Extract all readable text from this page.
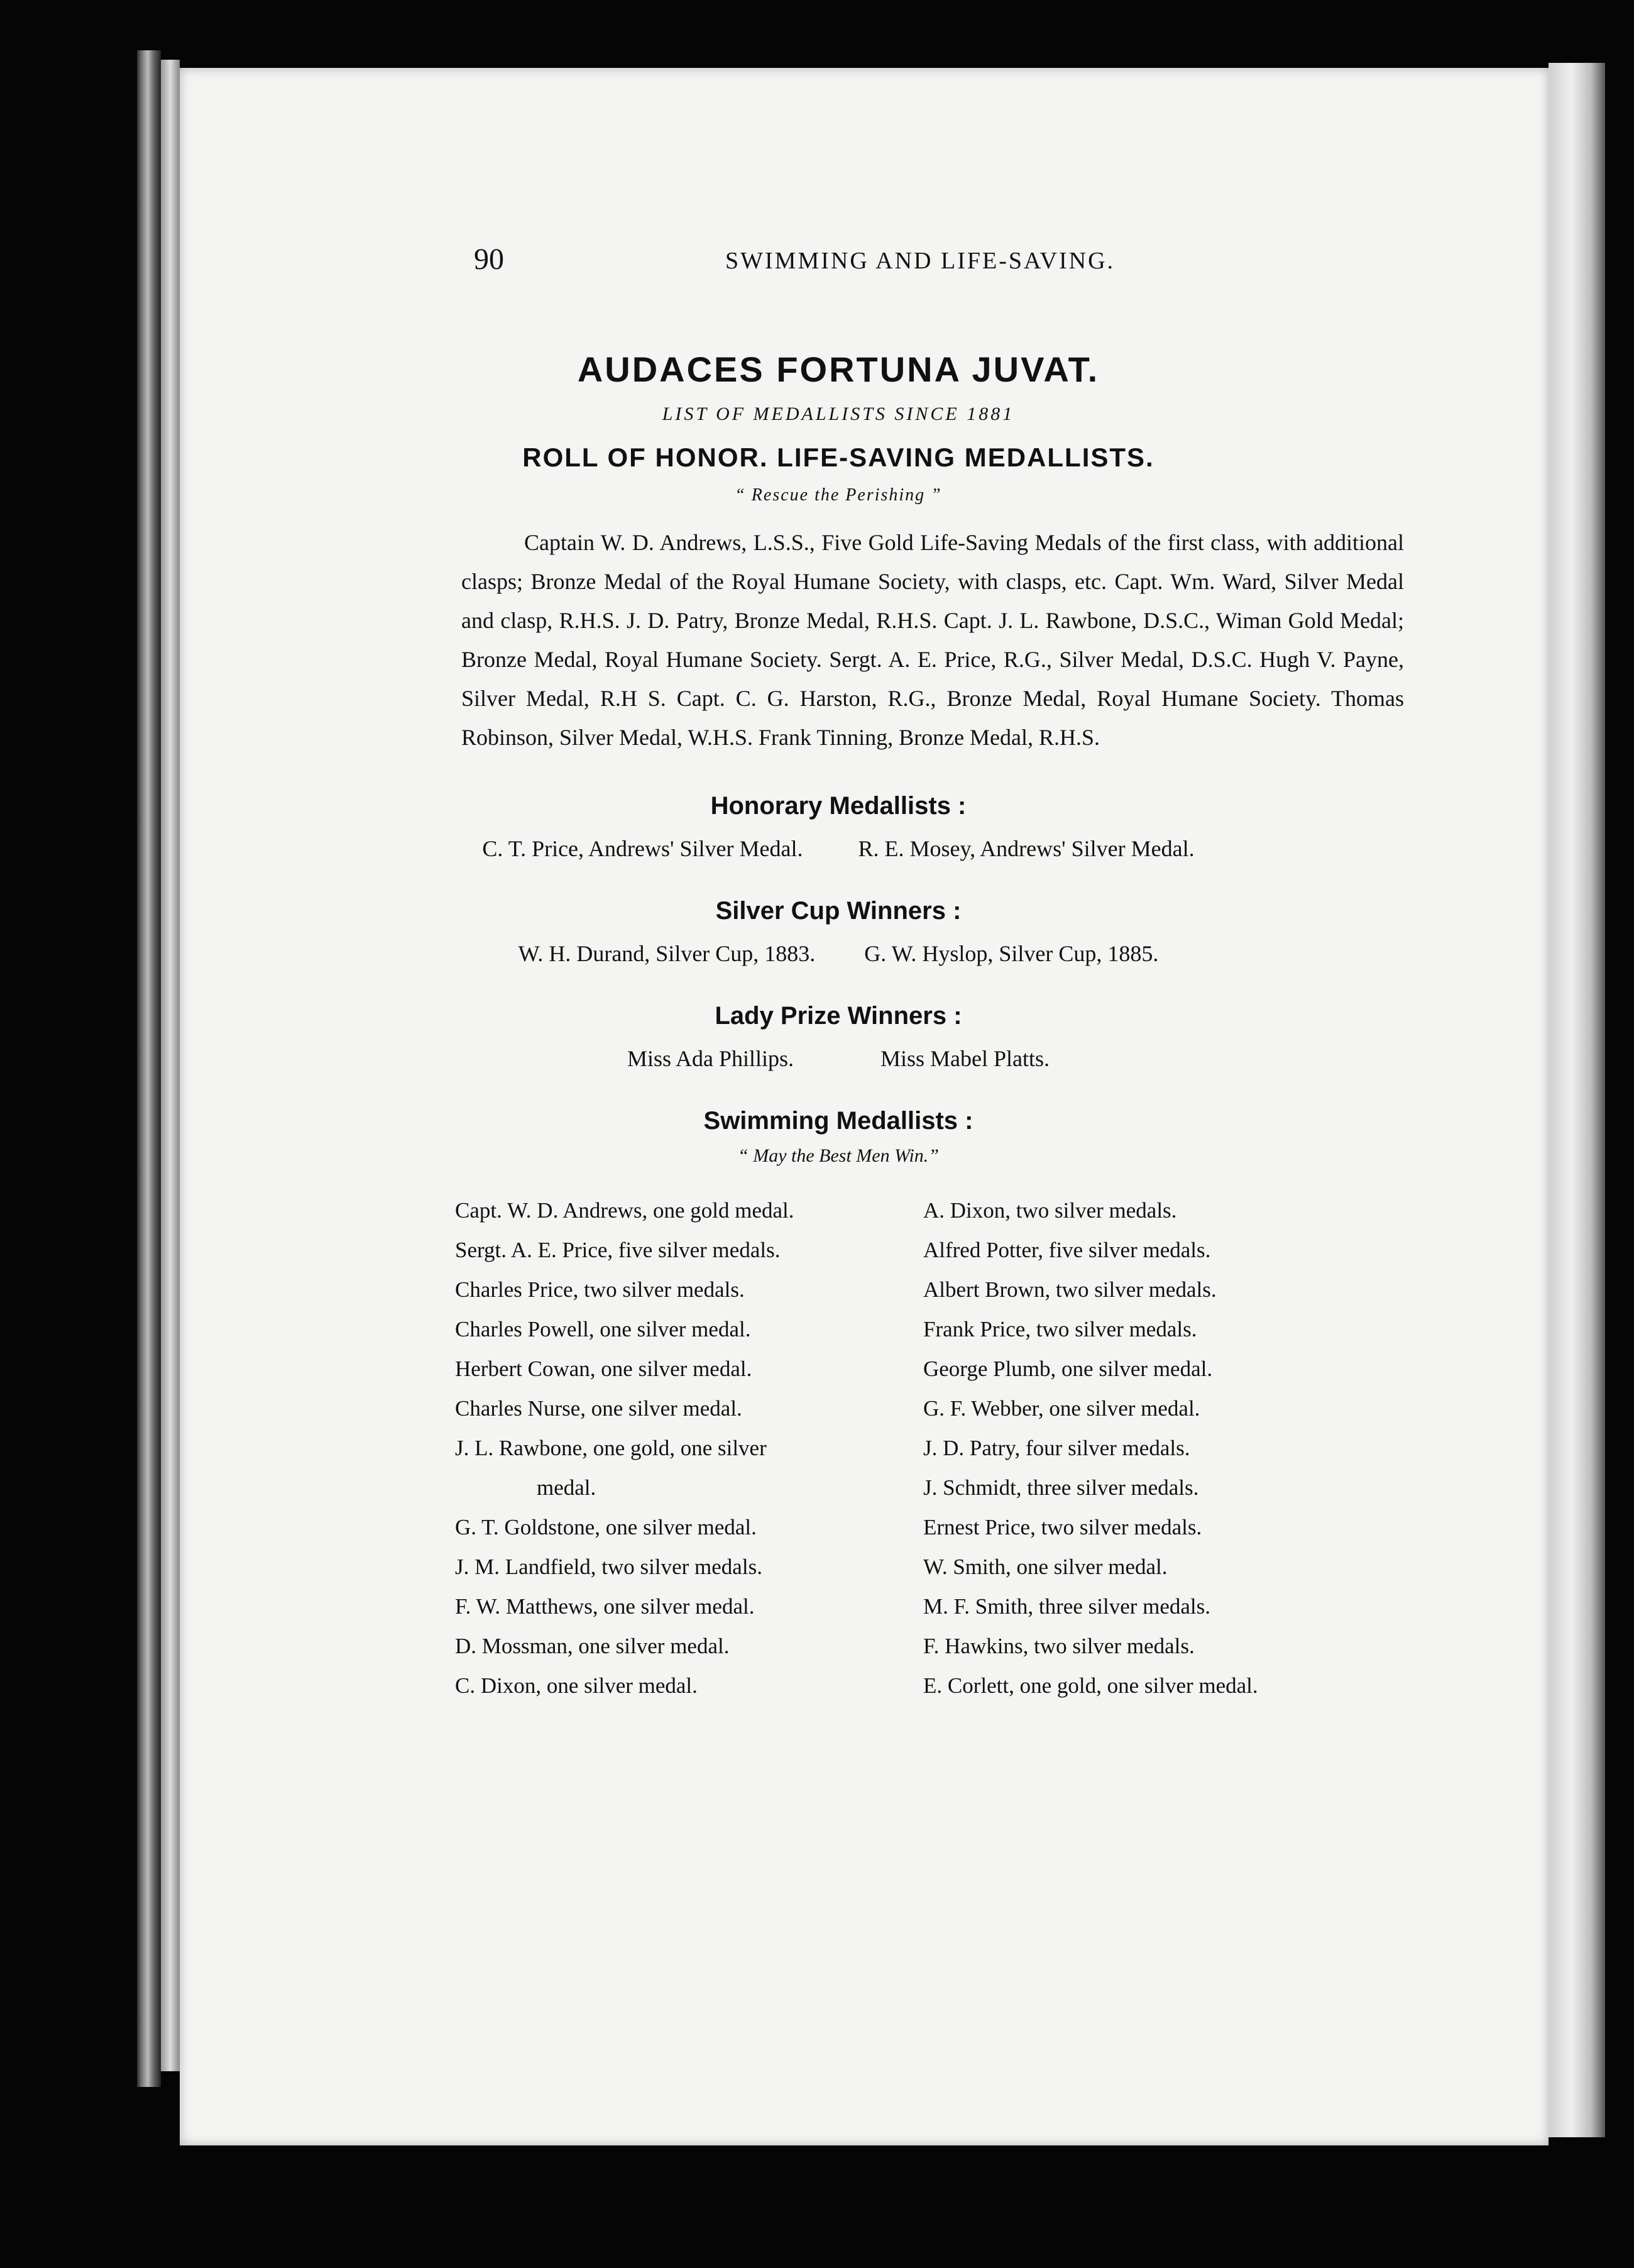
90	SWIMMING AND LIFE-SAVING.
AUDACES FORTUNA JUVAT.
LIST OF MEDALLISTS SINCE 1881
ROLL OF HONOR. LIFE-SAVING MEDALLISTS.
“ Rescue the Perishing ”

Captain W. D. Andrews, L.S.S., Five Gold Life-Saving Medals of the first class, with additional clasps; Bronze Medal of the Royal Humane Society, with clasps, etc. Capt. Wm. Ward, Silver Medal and clasp, R.H.S. J. D. Patry, Bronze Medal, R.H.S. Capt. J. L. Rawbone, D.S.C., Wiman Gold Medal; Bronze Medal, Royal Humane Society. Sergt. A. E. Price, R.G., Silver Medal, D.S.C. Hugh V. Payne, Silver Medal, R.H S. Capt. C. G. Harston, R.G., Bronze Medal, Royal Humane Society. Thomas Robinson, Silver Medal, W.H.S. Frank Tinning, Bronze Medal, R.H.S.

Honorary Medallists :
C. T. Price, Andrews' Silver Medal. R. E. Mosey, Andrews' Silver Medal.
Silver Cup Winners :
W. H. Durand, Silver Cup, 1883. G. W. Hyslop, Silver Cup, 1885.
Lady Prize Winners :
Miss Ada Phillips.	Miss Mabel Platts.
Swimming Medallists :
“ May the Best Men Win.”
Capt. W. D. Andrews, one gold medal.
Sergt. A. E. Price, five silver medals.
Charles Price, two silver medals.
Charles Powell, one silver medal.
Herbert Cowan, one silver medal.
Charles Nurse, one silver medal.
J. L. Rawbone, one gold, one silver
medal.
G. T. Goldstone, one silver medal.
J. M. Landfield, two silver medals.
F. W. Matthews, one silver medal.
D. Mossman, one silver medal.
C. Dixon, one silver medal.
A. Dixon, two silver medals.
Alfred Potter, five silver medals.
Albert Brown, two silver medals.
Frank Price, two silver medals.
George Plumb, one silver medal.
G. F. Webber, one silver medal.
J. D. Patry, four silver medals.
J. Schmidt, three silver medals.
Ernest Price, two silver medals.
W. Smith, one silver medal.
M. F. Smith, three silver medals.
F. Hawkins, two silver medals.
E. Corlett, one gold, one silver medal.
